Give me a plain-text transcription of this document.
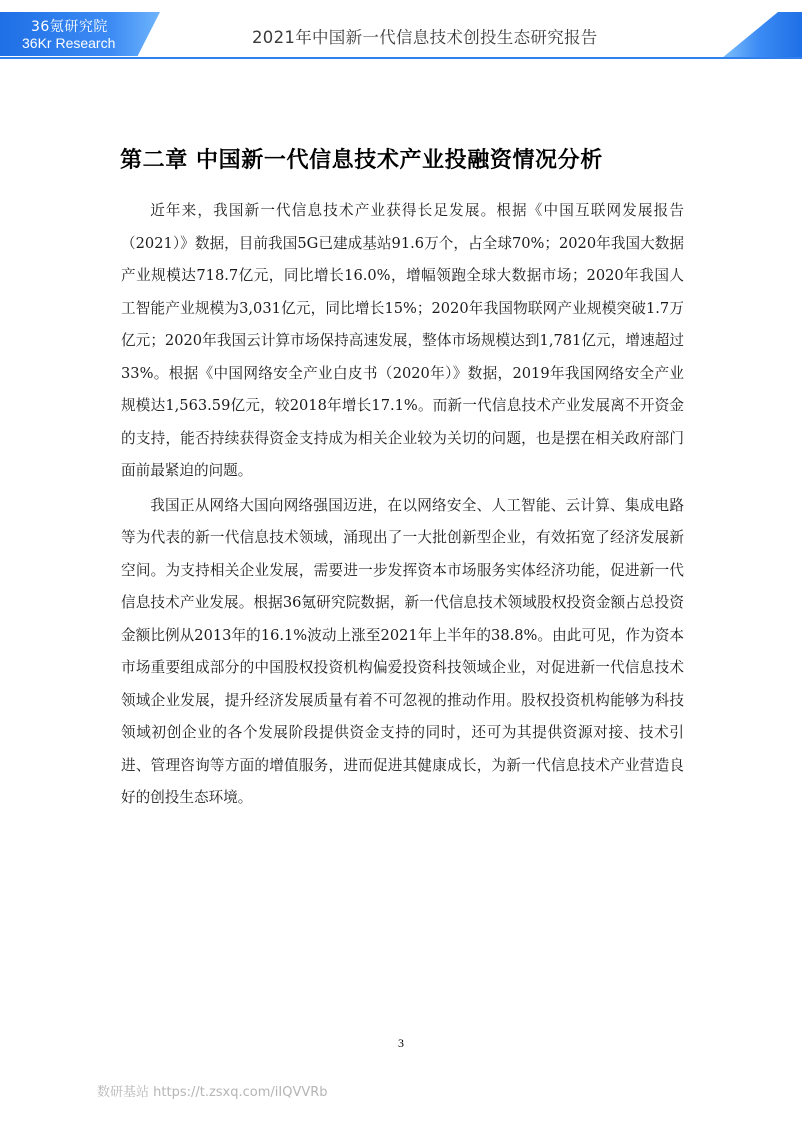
36氪研究院
36Kr Research	2021年中国新一代信息技术创投生态研究报告
第二章 中国新一代信息技术产业投融资情况分析

近年来，我国新一代信息技术产业获得长足发展。根据《中国互联网发展报告（2021）》数据，目前我国5G已建成基站91.6万个，占全球70%；2020年我国大数据产业规模达718.7亿元，同比增长16.0%，增幅领跑全球大数据市场；2020年我国人工智能产业规模为3,031亿元，同比增长15%；2020年我国物联网产业规模突破1.7万亿元；2020年我国云计算市场保持高速发展，整体市场规模达到1,781亿元，增速超过33%。根据《中国网络安全产业白皮书（2020年）》数据，2019年我国网络安全产业规模达1,563.59亿元，较2018年增长17.1%。而新一代信息技术产业发展离不开资金的支持，能否持续获得资金支持成为相关企业较为关切的问题，也是摆在相关政府部门面前最紧迫的问题。

我国正从网络大国向网络强国迈进，在以网络安全、人工智能、云计算、集成电路等为代表的新一代信息技术领域，涌现出了一大批创新型企业，有效拓宽了经济发展新空间。为支持相关企业发展，需要进一步发挥资本市场服务实体经济功能，促进新一代信息技术产业发展。根据36氪研究院数据，新一代信息技术领域股权投资金额占总投资金额比例从2013年的16.1%波动上涨至2021年上半年的38.8%。由此可见，作为资本市场重要组成部分的中国股权投资机构偏爱投资科技领域企业，对促进新一代信息技术领域企业发展，提升经济发展质量有着不可忽视的推动作用。股权投资机构能够为科技领域初创企业的各个发展阶段提供资金支持的同时，还可为其提供资源对接、技术引进、管理咨询等方面的增值服务，进而促进其健康成长，为新一代信息技术产业营造良好的创投生态环境。

3
数研基站 https://t.zsxq.com/iIQVVRb
